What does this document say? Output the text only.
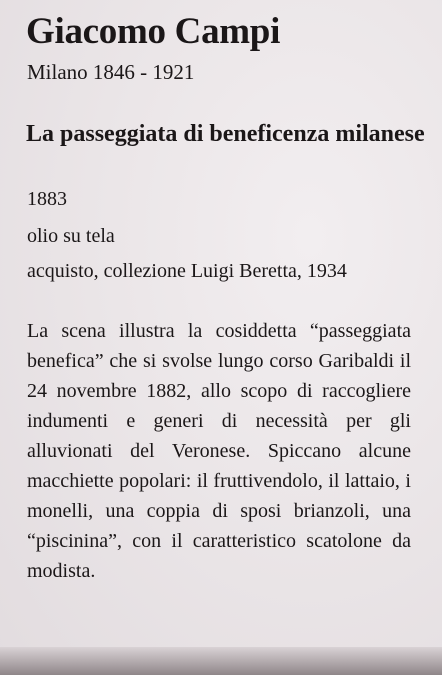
Giacomo Campi
Milano 1846 - 1921
La passeggiata di beneficenza milanese
1883
olio su tela
acquisto, collezione Luigi Beretta, 1934

La scena illustra la cosiddetta “passeggiata benefica” che si svolse lungo corso Garibaldi il 24 novembre 1882, allo scopo di raccogliere indumenti e generi di necessità per gli alluvionati del Veronese. Spiccano alcune macchiette popolari: il fruttivendolo, il lattaio, i monelli, una coppia di sposi brianzoli, una “piscinina”, con il caratteristico scatolone da modista.
